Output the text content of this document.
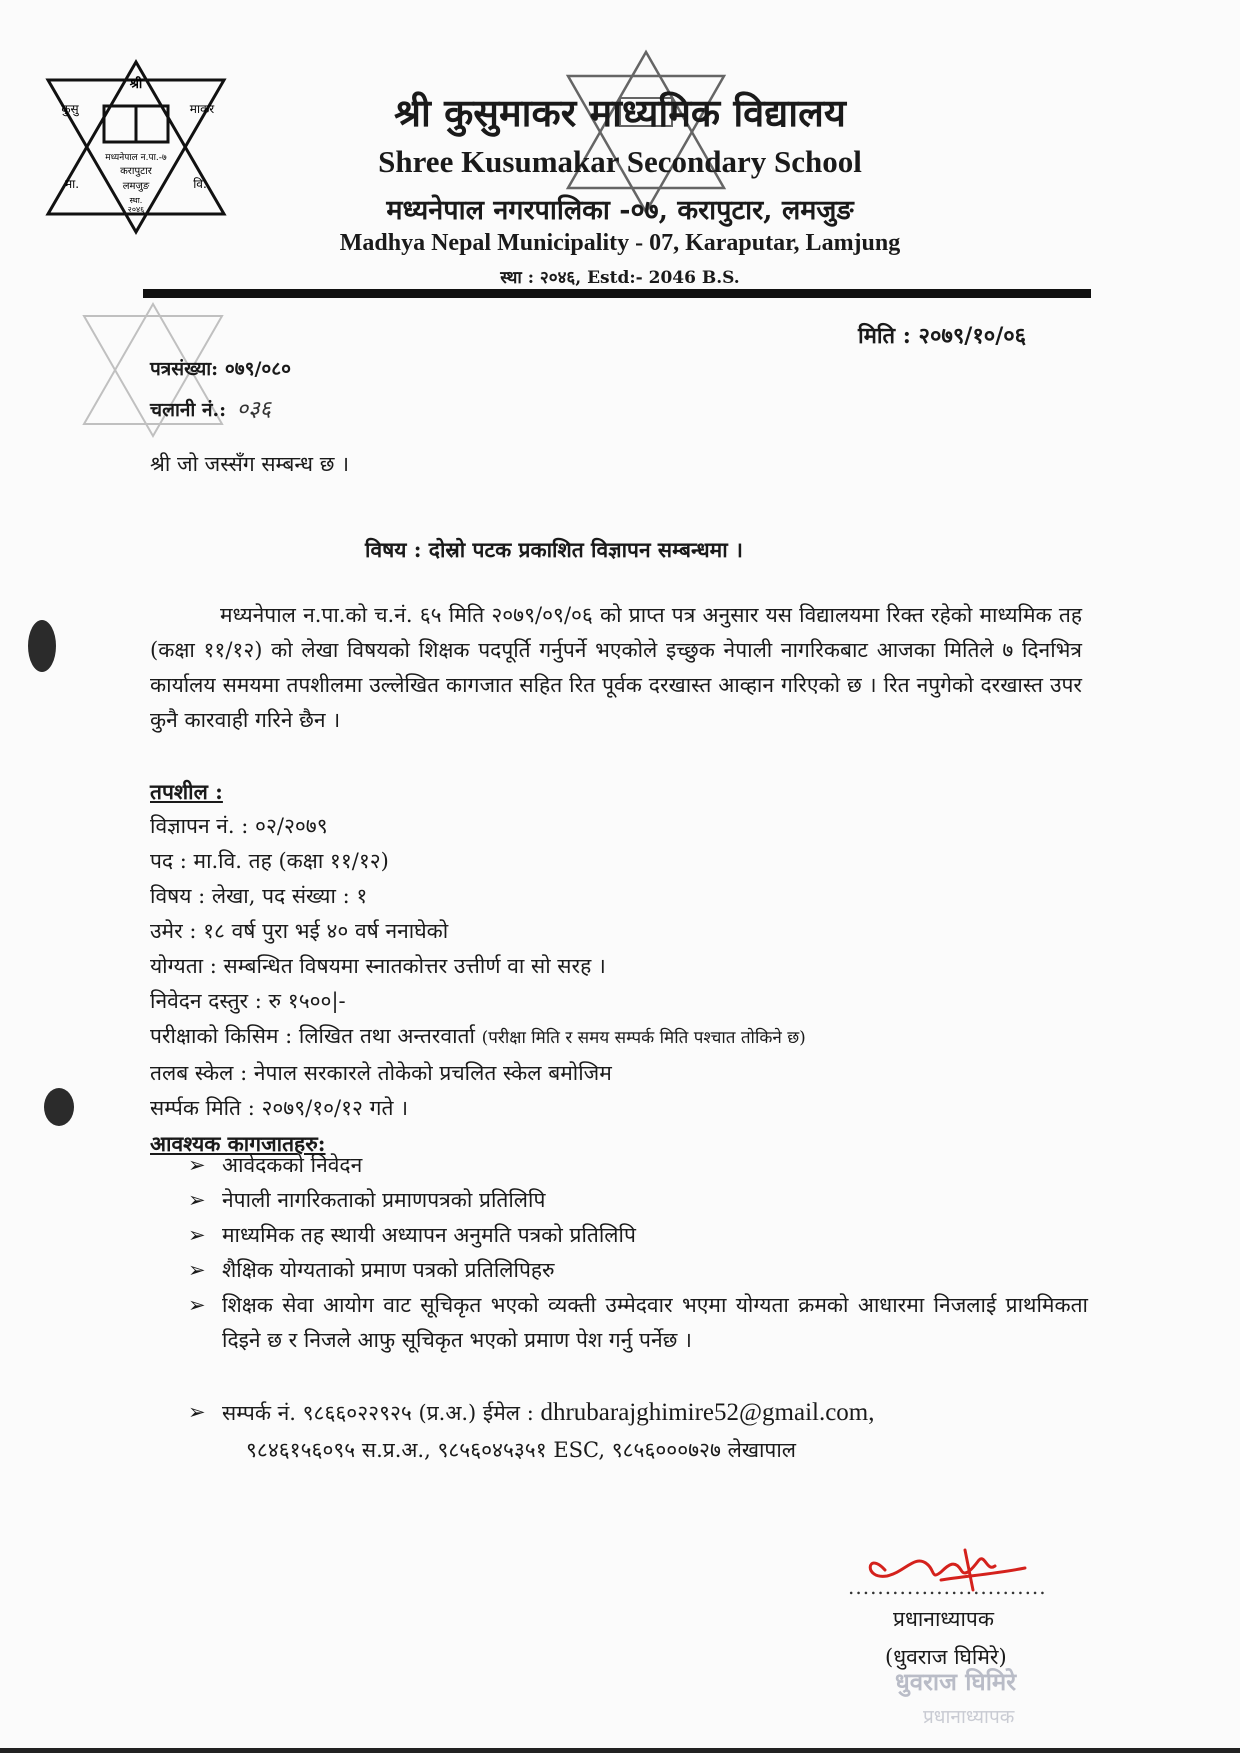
श्री
कुसु	माकर
मध्यनेपाल न.पा.-७
करापुटार
मा.	लमजुङ	वि.
स्था.
२०४६
श्री कुसुमाकर माध्यमिक विद्यालय
Shree Kusumakar Secondary School
मध्यनेपाल नगरपालिका -०७, करापुटार, लमजुङ
Madhya Nepal Municipality - 07, Karaputar, Lamjung
स्था : २०४६, Estd:- 2046 B.S.
मिति : २०७९/१०/०६
पत्रसंख्या: ०७९/०८०
चलानी नं.: ०३६
श्री जो जस्सँग सम्बन्ध छ ।
विषय : दोस्रो पटक प्रकाशित विज्ञापन सम्बन्धमा ।
मध्यनेपाल न.पा.को च.नं. ६५ मिति २०७९/०९/०६ को प्राप्त पत्र अनुसार यस विद्यालयमा रिक्त रहेको माध्यमिक तह (कक्षा ११/१२) को लेखा विषयको शिक्षक पदपूर्ति गर्नुपर्ने भएकोले इच्छुक नेपाली नागरिकबाट आजका मितिले ७ दिनभित्र कार्यालय समयमा तपशीलमा उल्लेखित कागजात सहित रित पूर्वक दरखास्त आव्हान गरिएको छ । रित नपुगेको दरखास्त उपर कुनै कारवाही गरिने छैन ।
तपशील :
विज्ञापन नं. : ०२/२०७९
पद : मा.वि. तह (कक्षा ११/१२)
विषय : लेखा, पद संख्या : १
उमेर : १८ वर्ष पुरा भई ४० वर्ष ननाघेको
योग्यता : सम्बन्धित विषयमा स्नातकोत्तर उत्तीर्ण वा सो सरह ।
निवेदन दस्तुर : रु १५००|-
परीक्षाको किसिम : लिखित तथा अन्तरवार्ता (परीक्षा मिति र समय सम्पर्क मिति पश्चात तोकिने छ)
तलब स्केल : नेपाल सरकारले तोकेको प्रचलित स्केल बमोजिम
सर्म्पक मिति : २०७९/१०/१२ गते ।
आवश्यक कागजातहरु:
➢ आवेदकको निवेदन
➢ नेपाली नागरिकताको प्रमाणपत्रको प्रतिलिपि
➢ माध्यमिक तह स्थायी अध्यापन अनुमति पत्रको प्रतिलिपि
➢ शैक्षिक योग्यताको प्रमाण पत्रको प्रतिलिपिहरु
➢ शिक्षक सेवा आयोग वाट सूचिकृत भएको व्यक्ती उम्मेदवार भएमा योग्यता क्रमको आधारमा निजलाई प्राथमिकता दिइने छ र निजले आफु सूचिकृत भएको प्रमाण पेश गर्नु पर्नेछ ।
➢ सम्पर्क नं. ९८६६०२२९२५ (प्र.अ.) ईमेल : dhrubarajghimire52@gmail.com,
९८४६१५६०९५ स.प्र.अ., ९८५६०४५३५१ ESC, ९८५६०००७२७ लेखापाल
...........................
प्रधानाध्यापक
(धुवराज घिमिरे)
धुवराज घिमिरे
प्रधानाध्यापक
